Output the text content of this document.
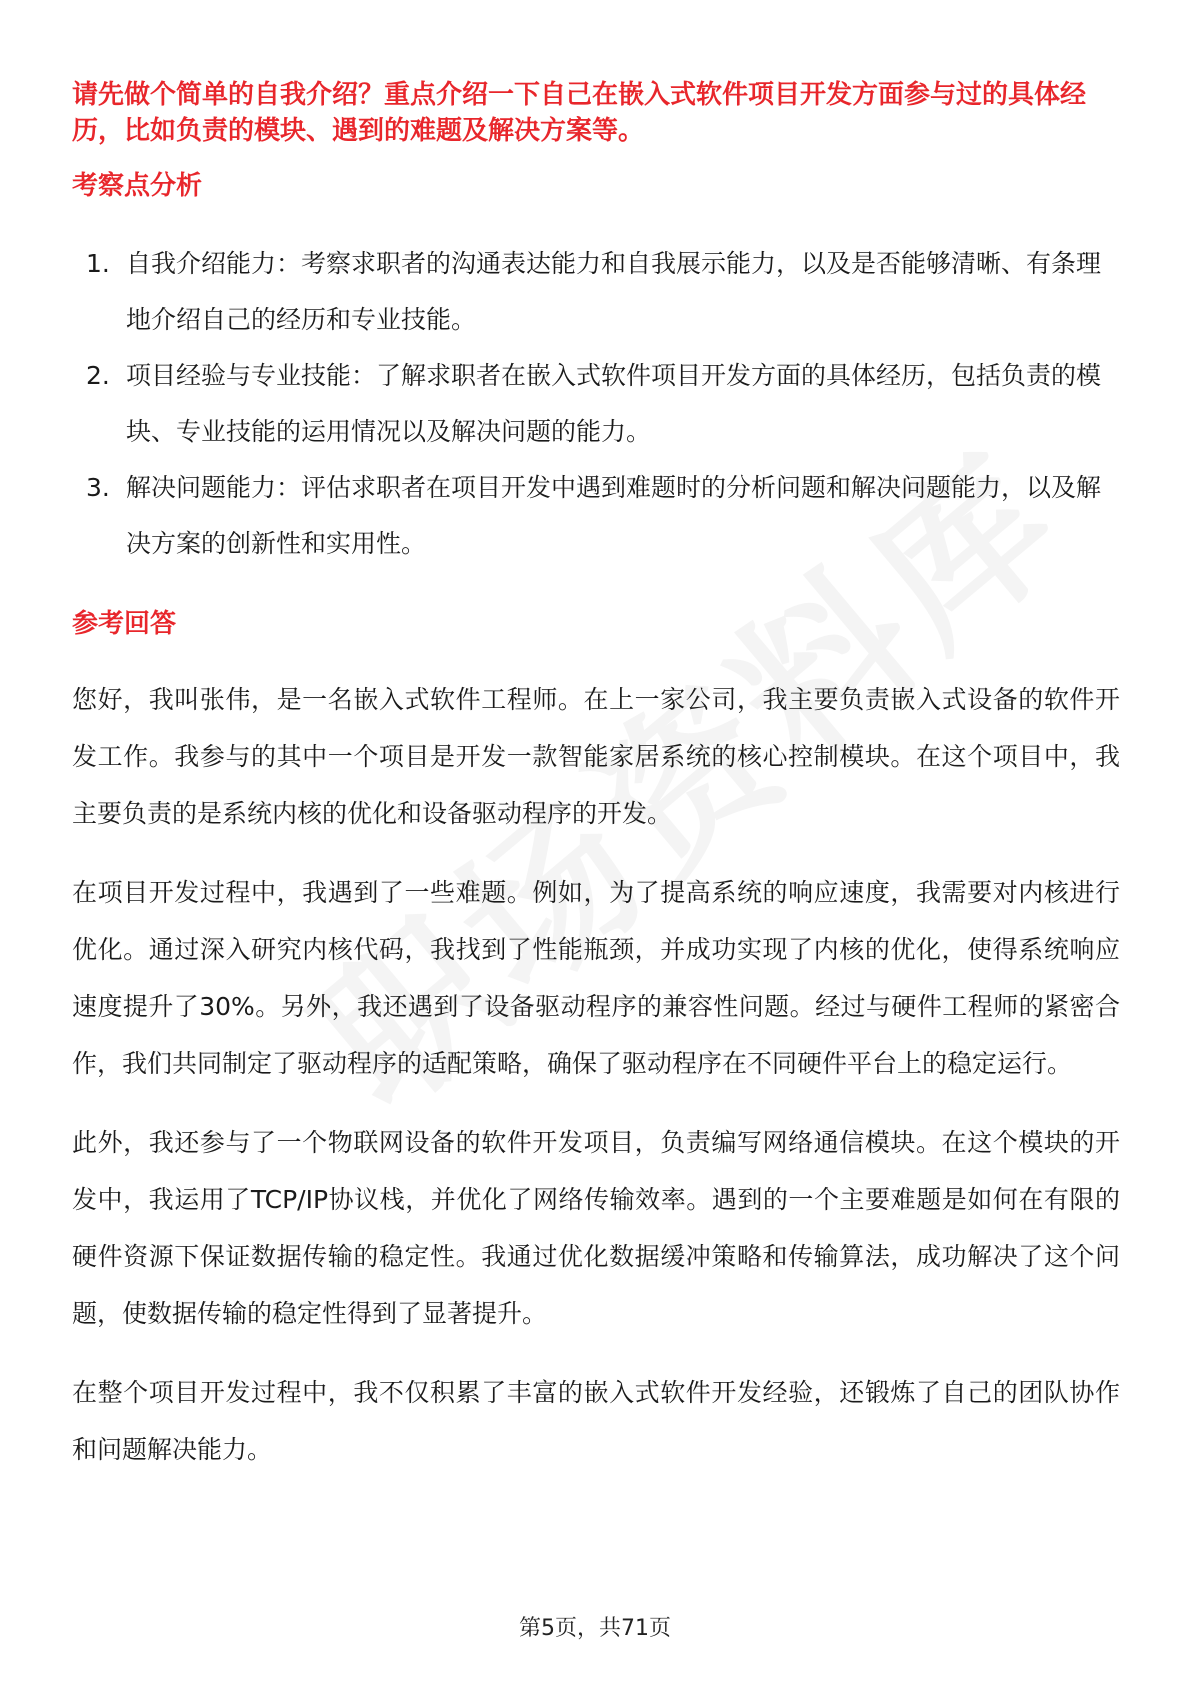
请先做个简单的自我介绍？重点介绍一下自己在嵌入式软件项目开发方面参与过的具体经历，比如负责的模块、遇到的难题及解决方案等。
考察点分析
1. 自我介绍能力：考察求职者的沟通表达能力和自我展示能力，以及是否能够清晰、有条理地介绍自己的经历和专业技能。
2. 项目经验与专业技能：了解求职者在嵌入式软件项目开发方面的具体经历，包括负责的模块、专业技能的运用情况以及解决问题的能力。
3. 解决问题能力：评估求职者在项目开发中遇到难题时的分析问题和解决问题能力，以及解决方案的创新性和实用性。
参考回答

您好，我叫张伟，是一名嵌入式软件工程师。在上一家公司，我主要负责嵌入式设备的软件开发工作。我参与的其中一个项目是开发一款智能家居系统的核心控制模块。在这个项目中，我主要负责的是系统内核的优化和设备驱动程序的开发。

在项目开发过程中，我遇到了一些难题。例如，为了提高系统的响应速度，我需要对内核进行优化。通过深入研究内核代码，我找到了性能瓶颈，并成功实现了内核的优化，使得系统响应速度提升了30%。另外，我还遇到了设备驱动程序的兼容性问题。经过与硬件工程师的紧密合作，我们共同制定了驱动程序的适配策略，确保了驱动程序在不同硬件平台上的稳定运行。

此外，我还参与了一个物联网设备的软件开发项目，负责编写网络通信模块。在这个模块的开发中，我运用了TCP/IP协议栈，并优化了网络传输效率。遇到的一个主要难题是如何在有限的硬件资源下保证数据传输的稳定性。我通过优化数据缓冲策略和传输算法，成功解决了这个问题，使数据传输的稳定性得到了显著提升。

在整个项目开发过程中，我不仅积累了丰富的嵌入式软件开发经验，还锻炼了自己的团队协作和问题解决能力。

第5页，共71页
